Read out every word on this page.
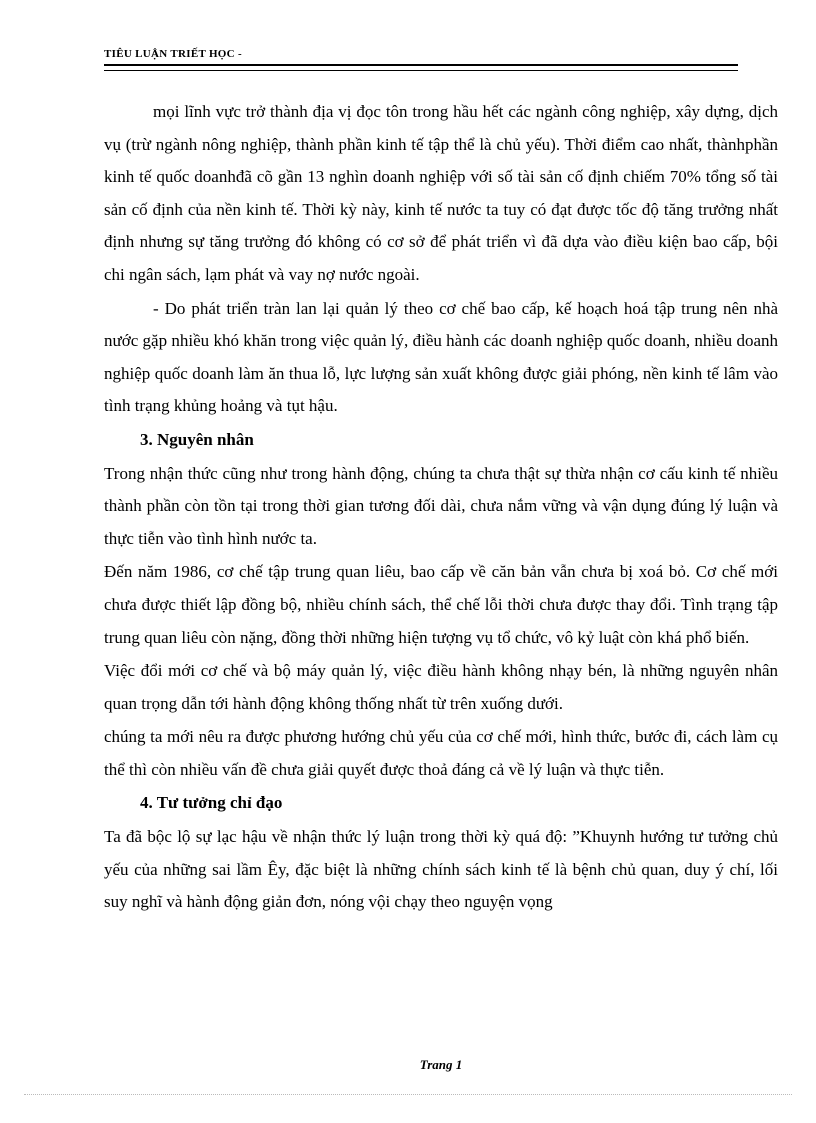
TIÊU LUẬN TRIẾT HỌC -

mọi lĩnh vực trở thành địa vị đọc tôn trong hầu hết các ngành công nghiệp, xây dựng, dịch vụ (trừ ngành nông nghiệp, thành phần kinh tế tập thể là chủ yếu). Thời điểm cao nhất, thànhphần kinh tế quốc doanhđã cõ gần 13 nghìn doanh nghiệp với số tài sản cố định chiếm 70% tổng số tài sản cố định của nền kinh tế. Thời kỳ này, kinh tế nước ta tuy có đạt được tốc độ tăng trưởng nhất định nhưng sự tăng trưởng đó không có cơ sở để phát triển vì đã dựa vào điều kiện bao cấp, bội chi ngân sách, lạm phát và vay nợ nước ngoài.

- Do phát triển tràn lan lại quản lý theo cơ chế bao cấp, kế hoạch hoá tập trung nên nhà nước gặp nhiều khó khăn trong việc quản lý, điều hành các doanh nghiệp quốc doanh, nhiều doanh nghiệp quốc doanh làm ăn thua lỗ, lực lượng sản xuất không được giải phóng, nền kinh tế lâm vào tình trạng khủng hoảng và tụt hậu.

3. Nguyên nhân

Trong nhận thức cũng như trong hành động, chúng ta chưa thật sự thừa nhận cơ cấu kinh tế nhiều thành phần còn tồn tại trong thời gian tương đối dài, chưa nắm vững và vận dụng đúng lý luận và thực tiễn vào tình hình nước ta.

Đến năm 1986, cơ chế tập trung quan liêu, bao cấp về căn bản vẫn chưa bị xoá bỏ. Cơ chế mới chưa được thiết lập đồng bộ, nhiều chính sách, thể chế lỗi thời chưa được thay đổi. Tình trạng tập trung quan liêu còn nặng, đồng thời những hiện tượng vụ tổ chức, vô kỷ luật còn khá phổ biến.

Việc đổi mới cơ chế và bộ máy quản lý, việc điều hành không nhạy bén, là những nguyên nhân quan trọng dẫn tới hành động không thống nhất từ trên xuống dưới.

chúng ta mới nêu ra được phương hướng chủ yếu của cơ chế mới, hình thức, bước đi, cách làm cụ thể thì còn nhiều vấn đề chưa giải quyết được thoả đáng cả về lý luận và thực tiễn.

4. Tư tưởng chỉ đạo

Ta đã bộc lộ sự lạc hậu về nhận thức lý luận trong thời kỳ quá độ: ”Khuynh hướng tư tưởng chủ yếu của những sai lầm Êy, đặc biệt là những chính sách kinh tế là bệnh chủ quan, duy ý chí, lối suy nghĩ và hành động giản đơn, nóng vội chạy theo nguyện vọng

Trang 1
